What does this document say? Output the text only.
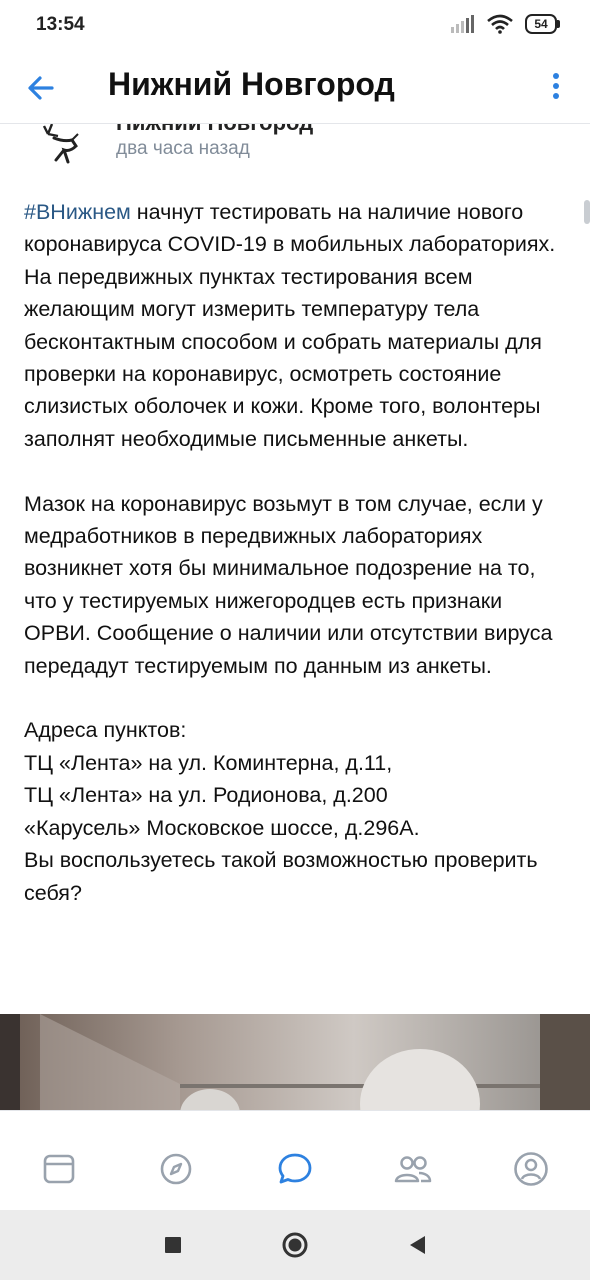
13:54	54
Нижний Новгород
два часа назад

#ВНижнем начнут тестировать на наличие нового коронавируса COVID-19 в мобильных лабораториях.

На передвижных пунктах тестирования всем желающим могут измерить температуру тела бесконтактным способом и собрать материалы для проверки на коронавирус, осмотреть состояние слизистых оболочек и кожи. Кроме того, волонтеры заполнят необходимые письменные анкеты.

Мазок на коронавирус возьмут в том случае, если у медработников в передвижных лабораториях возникнет хотя бы минимальное подозрение на то, что у тестируемых нижегородцев есть признаки ОРВИ. Сообщение о наличии или отсутствии вируса передадут тестируемым по данным из анкеты.

Адреса пунктов:

ТЦ «Лента» на ул. Коминтерна, д.11,

ТЦ «Лента» на ул. Родионова, д.200

«Карусель» Московское шоссе, д.296А.

Вы воспользуетесь такой возможностью проверить себя?
